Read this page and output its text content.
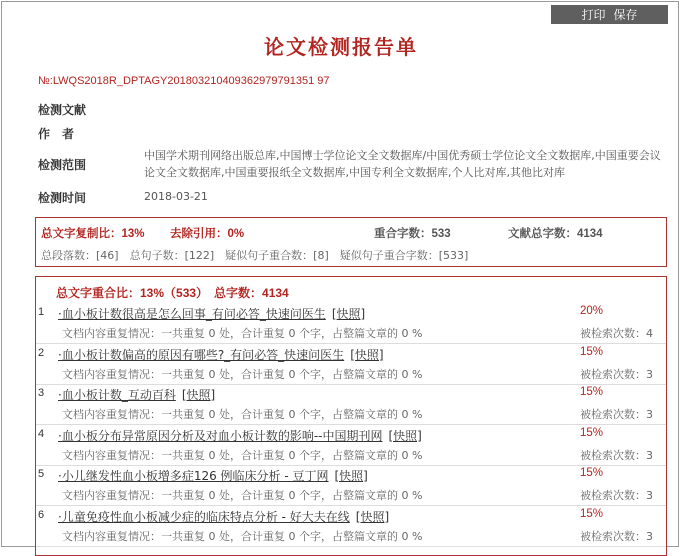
打印 保存
论文检测报告单
№:LWQS2018R_DPTAGY201803210409362979791351 97
检测文献
作　者
检测范围
中国学术期刊网络出版总库,中国博士学位论文全文数据库/中国优秀硕士学位论文全文数据库,中国重要会议论文全文数据库,中国重要报纸全文数据库,中国专利全文数据库,个人比对库,其他比对库
检测时间	2018-03-21
总文字复制比：13% 去除引用：0%	重合字数：533	文献总字数：4134
总段落数：[46]　总句子数：[122]　疑似句子重合数：[8]　疑似句子重合字数：[533]
总文字重合比：13%（533）　总字数：4134
1 ·血小板计数很高是怎么回事_有问必答_快速问医生 [快照]
文档内容重复情况：一共重复 0 处，合计重复 0 个字，占整篇文章的 0 %
20%
被检索次数：4
2 ·血小板计数偏高的原因有哪些?_有问必答_快速问医生 [快照]
文档内容重复情况：一共重复 0 处，合计重复 0 个字，占整篇文章的 0 %
15%
被检索次数：3
3 ·血小板计数_互动百科 [快照]
文档内容重复情况：一共重复 0 处，合计重复 0 个字，占整篇文章的 0 %
15%
被检索次数：3
4 ·血小板分布异常原因分析及对血小板计数的影响--中国期刊网 [快照]
文档内容重复情况：一共重复 0 处，合计重复 0 个字，占整篇文章的 0 %
15%
被检索次数：3
5 ·小儿继发性血小板增多症126 例临床分析 - 豆丁网 [快照]
文档内容重复情况：一共重复 0 处，合计重复 0 个字，占整篇文章的 0 %
15%
被检索次数：3
6 ·儿童免疫性血小板减少症的临床特点分析 - 好大夫在线 [快照]
文档内容重复情况：一共重复 0 处，合计重复 0 个字，占整篇文章的 0 %
15%
被检索次数：3
